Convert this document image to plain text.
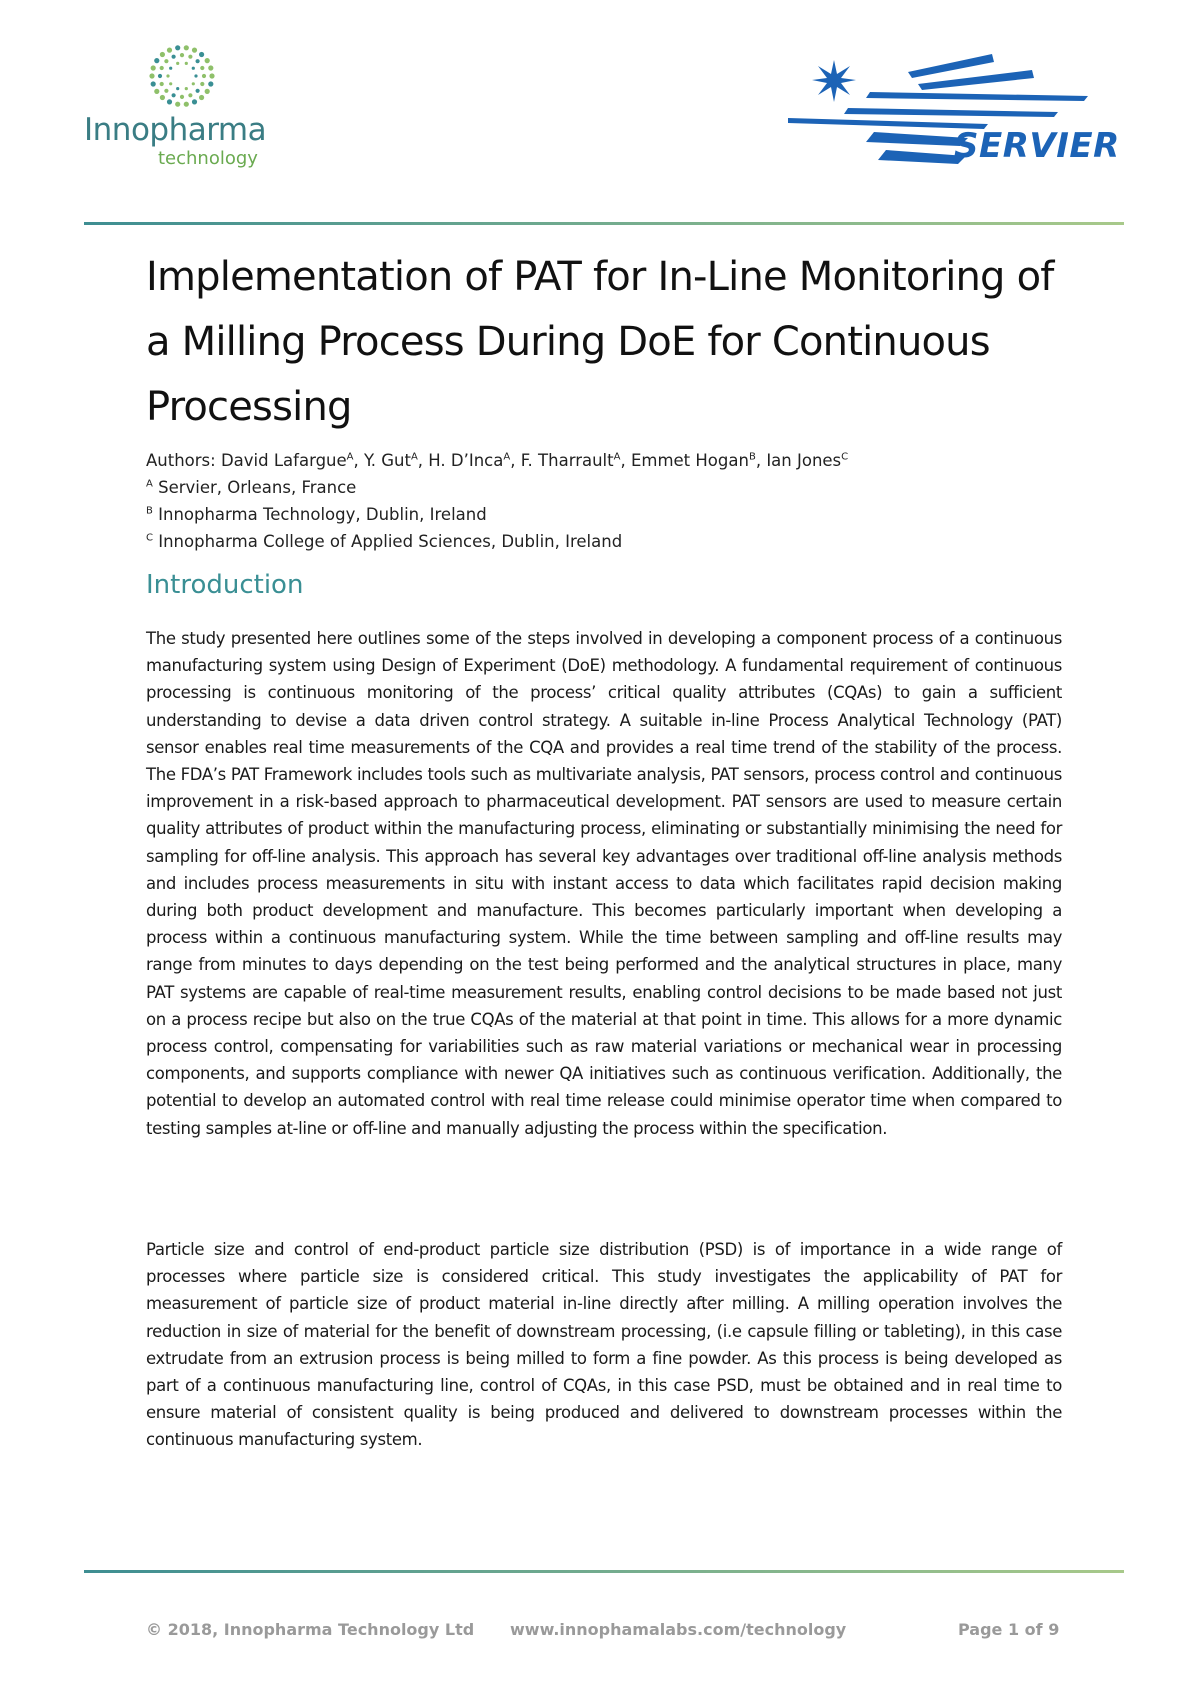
Innopharma
technology	SERVIER
Implementation of PAT for In-Line Monitoring of a Milling Process During DoE for Continuous Processing
Authors: David Lafargue$^A$, Y. Gut$^A$, H. D’Inca$^A$, F. Tharrault$^A$, Emmet Hogan$^B$, Ian Jones$^C$
$^A$ Servier, Orleans, France
$^B$ Innopharma Technology, Dublin, Ireland
$^C$ Innopharma College of Applied Sciences, Dublin, Ireland
Introduction

The study presented here outlines some of the steps involved in developing a component process of a continuous manufacturing system using Design of Experiment (DoE) methodology. A fundamental requirement of continuous processing is continuous monitoring of the process’ critical quality attributes (CQAs) to gain a sufficient understanding to devise a data driven control strategy. A suitable in-line Process Analytical Technology (PAT) sensor enables real time measurements of the CQA and provides a real time trend of the stability of the process. The FDA’s PAT Framework includes tools such as multivariate analysis, PAT sensors, process control and continuous improvement in a risk-based approach to pharmaceutical development. PAT sensors are used to measure certain quality attributes of product within the manufacturing process, eliminating or substantially minimising the need for sampling for off-line analysis. This approach has several key advantages over traditional off-line analysis methods and includes process measurements in situ with instant access to data which facilitates rapid decision making during both product development and manufacture. This becomes particularly important when developing a process within a continuous manufacturing system. While the time between sampling and off-line results may range from minutes to days depending on the test being performed and the analytical structures in place, many PAT systems are capable of real-time measurement results, enabling control decisions to be made based not just on a process recipe but also on the true CQAs of the material at that point in time. This allows for a more dynamic process control, compensating for variabilities such as raw material variations or mechanical wear in processing components, and supports compliance with newer QA initiatives such as continuous verification. Additionally, the potential to develop an automated control with real time release could minimise operator time when compared to testing samples at-line or off-line and manually adjusting the process within the specification.

Particle size and control of end-product particle size distribution (PSD) is of importance in a wide range of processes where particle size is considered critical. This study investigates the applicability of PAT for measurement of particle size of product material in-line directly after milling. A milling operation involves the reduction in size of material for the benefit of downstream processing, (i.e capsule filling or tableting), in this case extrudate from an extrusion process is being milled to form a fine powder. As this process is being developed as part of a continuous manufacturing line, control of CQAs, in this case PSD, must be obtained and in real time to ensure material of consistent quality is being produced and delivered to downstream processes within the continuous manufacturing system.

© 2018, Innopharma Technology Ltd www.innophamalabs.com/technology	Page 1 of 9
